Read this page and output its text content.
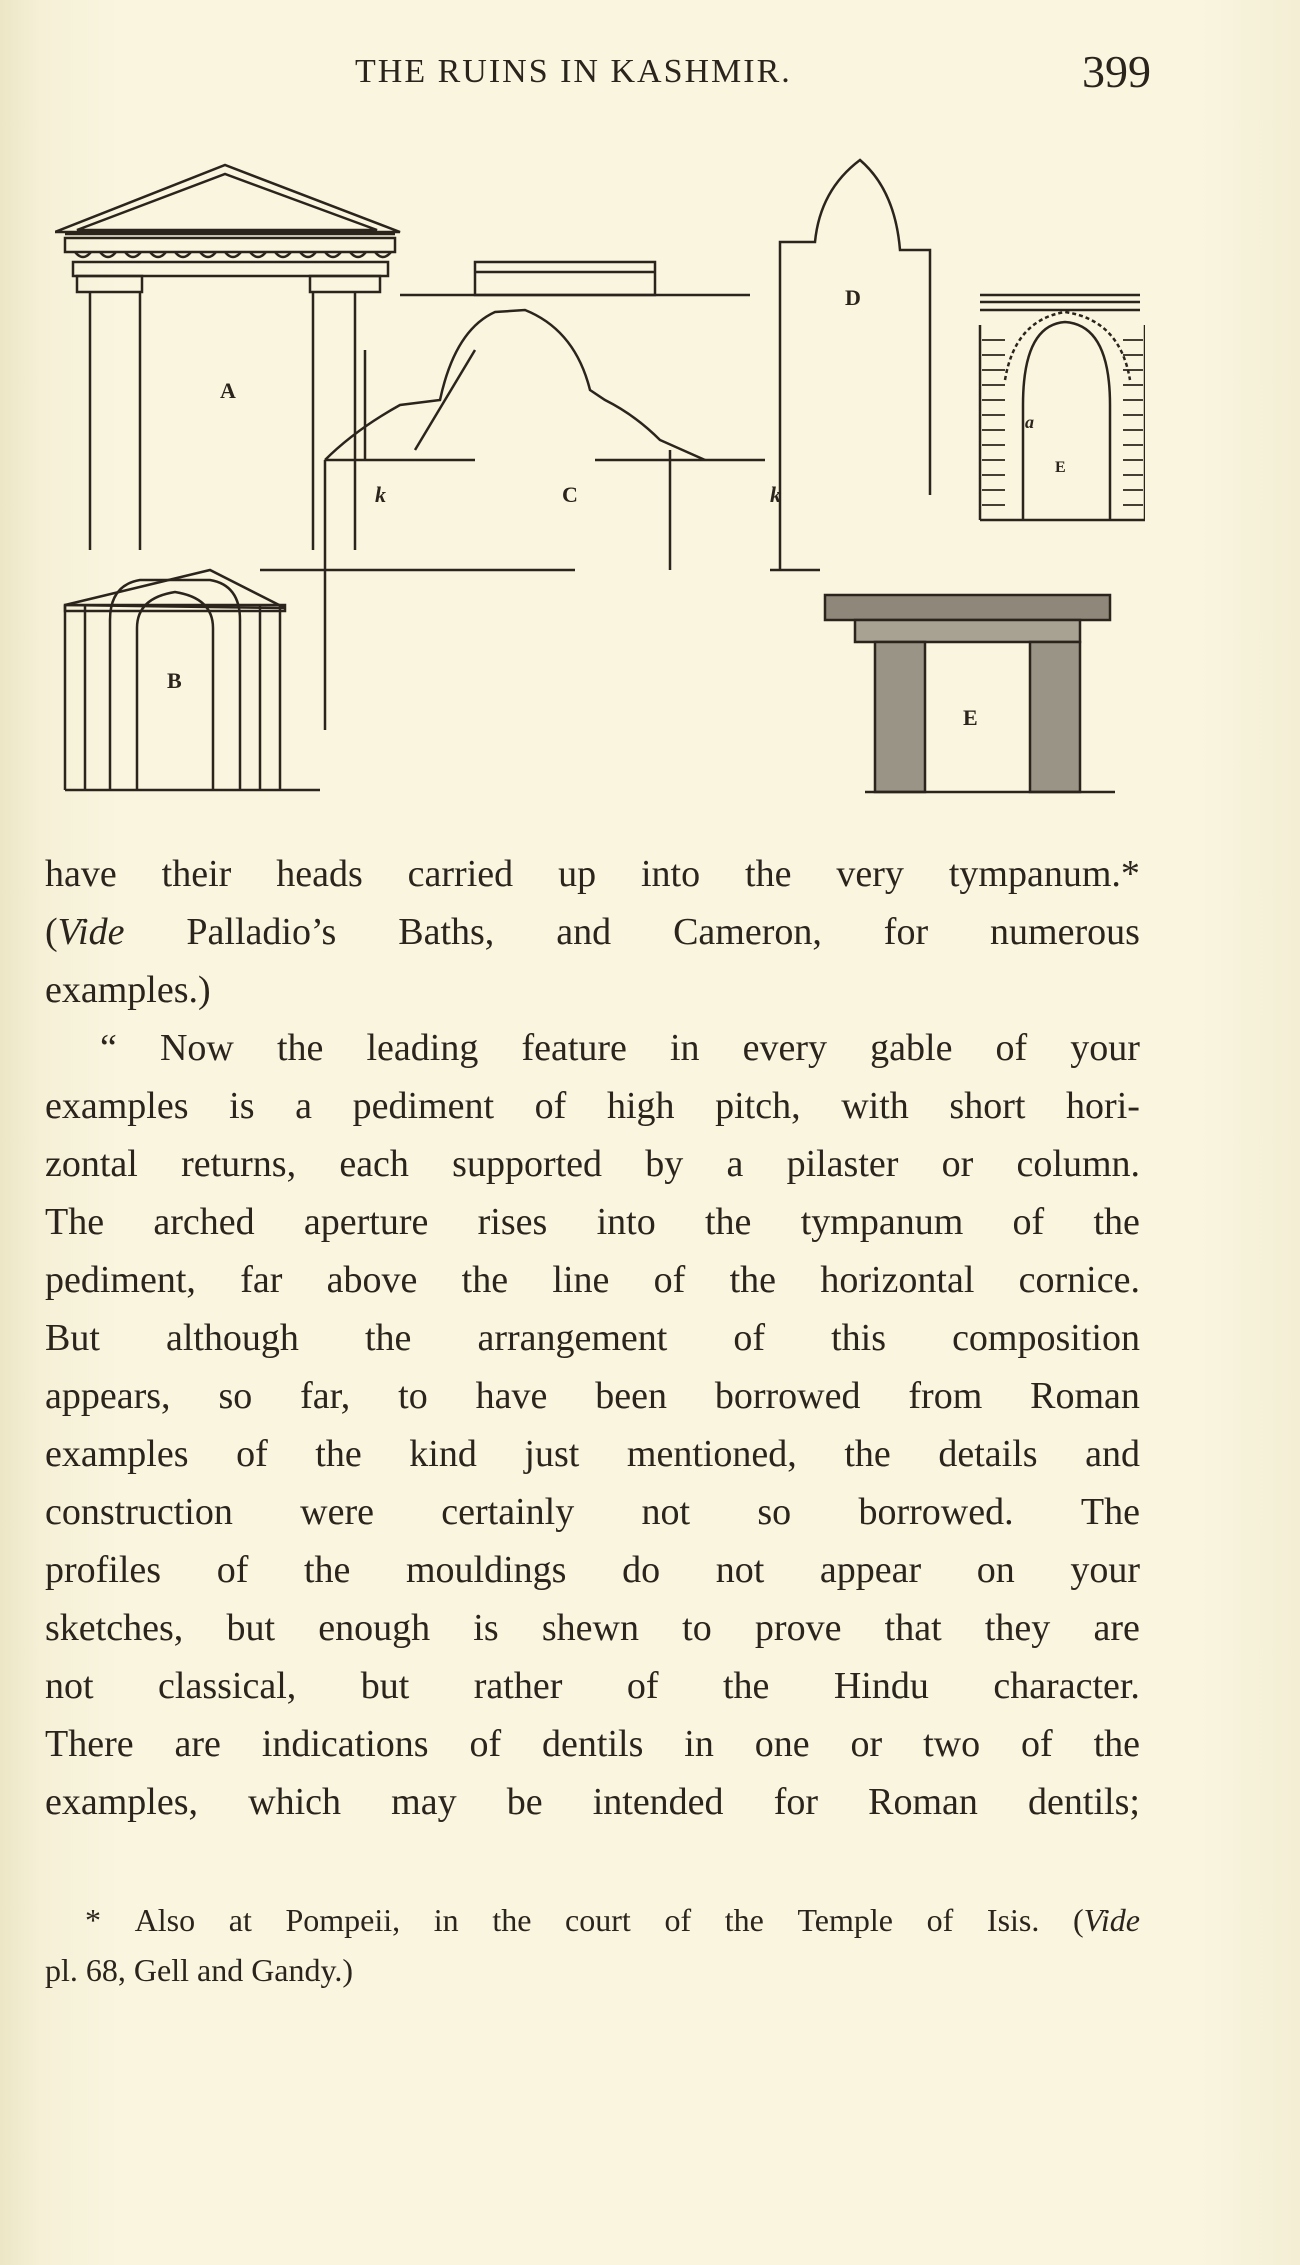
THE RUINS IN KASHMIR.	399
A
B
C
k	k
D
E
a
E
have their heads carried up into the very tympanum.*
(Vide Palladio’s Baths, and Cameron, for numerous
examples.)
“ Now the leading feature in every gable of your
examples is a pediment of high pitch, with short hori-
zontal returns, each supported by a pilaster or column.
The arched aperture rises into the tympanum of the
pediment, far above the line of the horizontal cornice.
But although the arrangement of this composition
appears, so far, to have been borrowed from Roman
examples of the kind just mentioned, the details and
construction were certainly not so borrowed. The
profiles of the mouldings do not appear on your
sketches, but enough is shewn to prove that they are
not classical, but rather of the Hindu character.
There are indications of dentils in one or two of the
examples, which may be intended for Roman dentils;
* Also at Pompeii, in the court of the Temple of Isis. (Vide
pl. 68, Gell and Gandy.)
